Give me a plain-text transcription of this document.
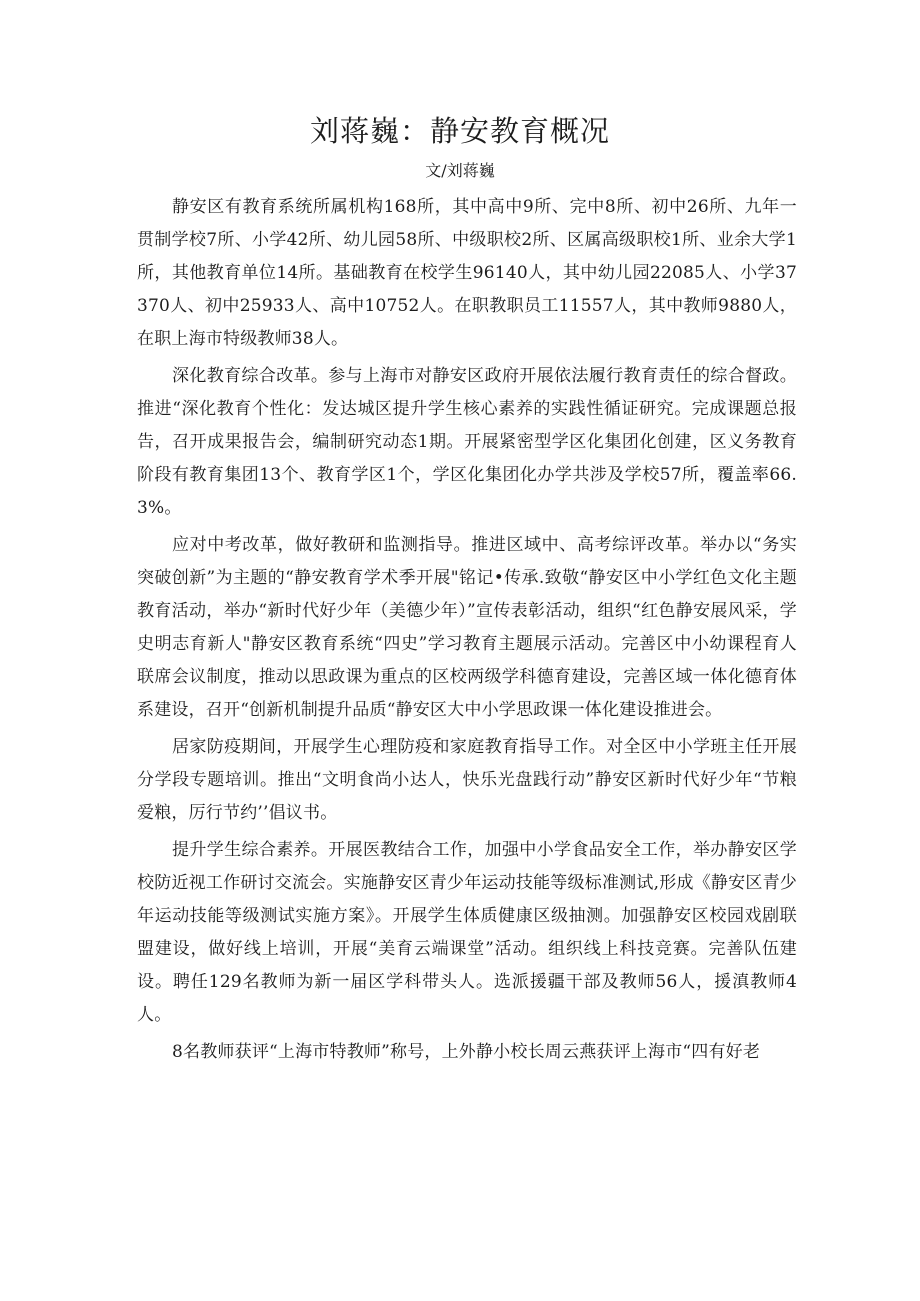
刘蒋巍：静安教育概况
文/刘蒋巍

静安区有教育系统所属机构168所，其中高中9所、完中8所、初中26所、九年一贯制学校7所、小学42所、幼儿园58所、中级职校2所、区属高级职校1所、业余大学1所，其他教育单位14所。基础教育在校学生96140人，其中幼儿园22085人、小学37370人、初中25933人、高中10752人。在职教职员工11557人，其中教师9880人，在职上海市特级教师38人。

深化教育综合改革。参与上海市对静安区政府开展依法履行教育责任的综合督政。推进“深化教育个性化：发达城区提升学生核心素养的实践性循证研究。完成课题总报告，召开成果报告会，编制研究动态1期。开展紧密型学区化集团化创建，区义务教育阶段有教育集团13个、教育学区1个，学区化集团化办学共涉及学校57所，覆盖率66.3%。

应对中考改革，做好教研和监测指导。推进区域中、高考综评改革。举办以“务实突破创新”为主题的“静安教育学术季开展"铭记•传承.致敬“静安区中小学红色文化主题教育活动，举办“新时代好少年（美德少年）”宣传表彰活动，组织“红色静安展风采，学史明志育新人"静安区教育系统“四史”学习教育主题展示活动。完善区中小幼课程育人联席会议制度，推动以思政课为重点的区校两级学科德育建设，完善区域一体化德育体系建设，召开“创新机制提升品质“静安区大中小学思政课一体化建设推进会。

居家防疫期间，开展学生心理防疫和家庭教育指导工作。对全区中小学班主任开展分学段专题培训。推出“文明食尚小达人，快乐光盘践行动”静安区新时代好少年“节粮爱粮，厉行节约’’倡议书。

提升学生综合素养。开展医教结合工作，加强中小学食品安全工作，举办静安区学校防近视工作研讨交流会。实施静安区青少年运动技能等级标准测试,形成《静安区青少年运动技能等级测试实施方案》。开展学生体质健康区级抽测。加强静安区校园戏剧联盟建设，做好线上培训，开展“美育云端课堂”活动。组织线上科技竞赛。完善队伍建设。聘任129名教师为新一届区学科带头人。选派援疆干部及教师56人，援滇教师4人。

8名教师获评“上海市特教师”称号，上外静小校长周云燕获评上海市“四有好老
